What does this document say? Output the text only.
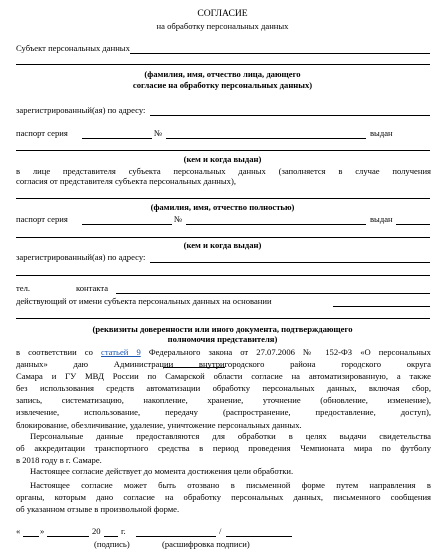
СОГЛАСИЕ
на обработку персональных данных
Субъект персональных данных
(фамилия, имя, отчество лица, дающего
согласие на обработку персональных данных)
зарегистрированный(ая) по адресу:
паспорт серия	№	выдан
(кем и когда выдан)
в лице представителя субъекта персональных данных (заполняется в случае получения
согласия от представителя субъекта персональных данных),
(фамилия, имя, отчество полностью)
паспорт серия	№	выдан
зарегистрированный(ая) по адресу:
(кем и когда выдан)
тел.	контакта
действующий от имени субъекта персональных данных на основании
(реквизиты доверенности или иного документа, подтверждающего
полномочия представителя)
в соответствии со статьей 9 Федерального закона от 27.07.2006 № 152-ФЗ «О персональных
данных» даю Администрации внутригородского района городского округа
Самара и ГУ МВД России по Самарской области согласие на автоматизированную, а также
без использования средств автоматизации обработку персональных данных, включая сбор,
запись, систематизацию, накопление, хранение, уточнение (обновление, изменение),
извлечение, использование, передачу (распространение, предоставление, доступ),
блокирование, обезличивание, удаление, уничтожение персональных данных.
Персональные данные предоставляются для обработки в целях выдачи свидетельства
об аккредитации транспортного средства в период проведения Чемпионата мира по футболу
в 2018 году в г. Самаре.
Настоящее согласие действует до момента достижения цели обработки.
Настоящее согласие может быть отозвано в письменной форме путем направления в
органы, которым дано согласие на обработку персональных данных, письменного сообщения
об указанном отзыве в произвольной форме.
« »	20 г.	/
(подпись)	(расшифровка подписи)
